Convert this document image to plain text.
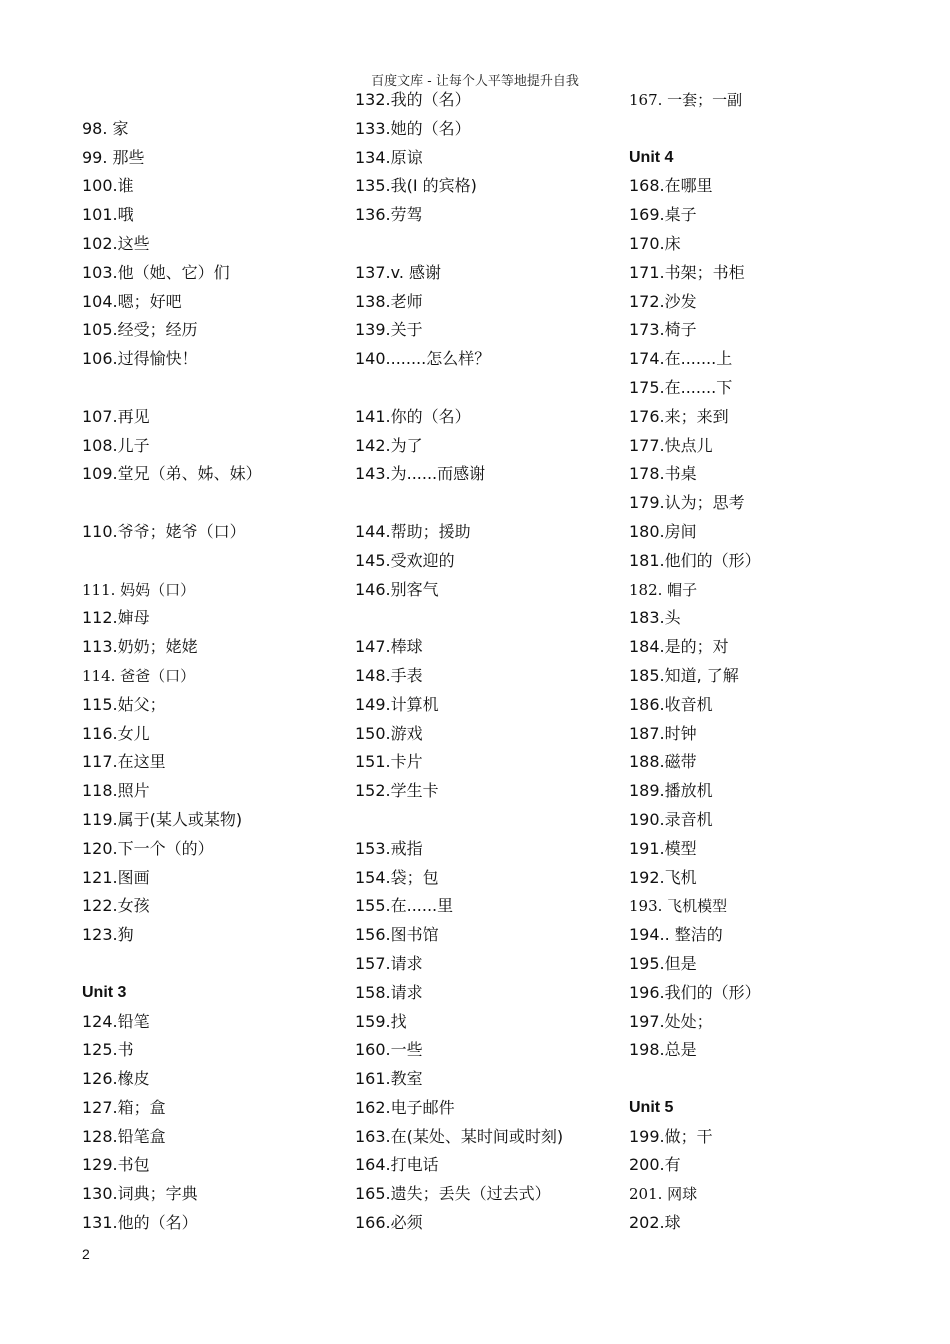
百度文库 - 让每个人平等地提升自我
98. 家
99. 那些
100.谁
101.哦
102.这些
103.他（她、它）们
104.嗯；好吧
105.经受；经历
106.过得愉快！
107.再见
108.儿子
109.堂兄（弟、姊、妹）
110.爷爷；姥爷（口）
111. 妈妈（口）
112.婶母
113.奶奶；姥姥
114. 爸爸（口）
115.姑父；
116.女儿
117.在这里
118.照片
119.属于(某人或某物)
120.下一个（的）
121.图画
122.女孩
123.狗
Unit 3
124.铅笔
125.书
126.橡皮
127.箱；盒
128.铅笔盒
129.书包
130.词典；字典
131.他的（名）
132.我的（名）
133.她的（名）
134.原谅
135.我(I 的宾格)
136.劳驾
137.v. 感谢
138.老师
139.关于
140........怎么样？
141.你的（名）
142.为了
143.为......而感谢
144.帮助；援助
145.受欢迎的
146.别客气
147.棒球
148.手表
149.计算机
150.游戏
151.卡片
152.学生卡
153.戒指
154.袋；包
155.在......里
156.图书馆
157.请求
158.请求
159.找
160.一些
161.教室
162.电子邮件
163.在(某处、某时间或时刻)
164.打电话
165.遗失；丢失（过去式）
166.必须
167. 一套；一副
Unit 4
168.在哪里
169.桌子
170.床
171.书架；书柜
172.沙发
173.椅子
174.在.......上
175.在.......下
176.来；来到
177.快点儿
178.书桌
179.认为；思考
180.房间
181.他们的（形）
182. 帽子
183.头
184.是的；对
185.知道, 了解
186.收音机
187.时钟
188.磁带
189.播放机
190.录音机
191.模型
192.飞机
193. 飞机模型
194.. 整洁的
195.但是
196.我们的（形）
197.处处；
198.总是
Unit 5
199.做；干
200.有
201. 网球
202.球
2
